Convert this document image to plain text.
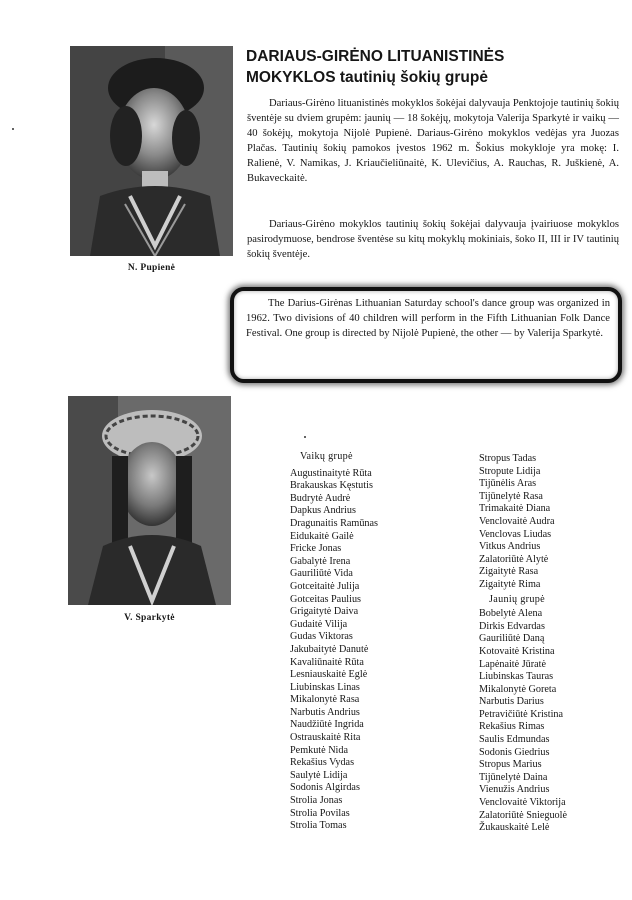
N. Pupienė
V. Sparkytė
DARIAUS-GIRĖNO LITUANISTINĖS
MOKYKLOS tautinių šokių grupė

Dariaus-Girėno lituanistinės mokyklos šokėjai dalyvauja Penktojoje tautinių šokių šventėje su dviem grupėm: jaunių — 18 šokėjų, mokytoja Valerija Sparkytė ir vaikų — 40 šokėjų, mokytoja Nijolė Pupienė. Dariaus-Girėno mokyklos vedėjas yra Juozas Plačas. Tautinių šokių pamokos įvestos 1962 m. Šokius mokykloje yra mokę: I. Ralienė, V. Namikas, J. Kriaučieliūnaitė, K. Ulevičius, A. Rauchas, R. Juškienė, A. Bukaveckaitė.

Dariaus-Girėno mokyklos tautinių šokių šokėjai dalyvauja įvairiuose mokyklos pasirodymuose, bendrose šventėse su kitų mokyklų mokiniais, šoko II, III ir IV tautinių šokių šventėje.

The Darius-Girėnas Lithuanian Saturday school's dance group was organized in 1962. Two divisions of 40 children will perform in the Fifth Lithuanian Folk Dance Festival. One group is directed by Nijolė Pupienė, the other — by Valerija Sparkytė.

Vaikų grupė
Augustinaitytė Rūta
Brakauskas Kęstutis
Budrytė Audrė
Dapkus Andrius
Dragunaitis Ramūnas
Eidukaitė Gailė
Fricke Jonas
Gabalytė Irena
Gauriliūtė Vida
Gotceitaitė Julija
Gotceitas Paulius
Grigaitytė Daiva
Gudaitė Vilija
Gudas Viktoras
Jakubaitytė Danutė
Kavaliūnaitė Rūta
Lesniauskaitė Eglė
Liubinskas Linas
Mikalonytė Rasa
Narbutis Andrius
Naudžiūtė Ingrida
Ostrauskaitė Rita
Pemkutė Nida
Rekašius Vydas
Saulytė Lidija
Sodonis Algirdas
Strolia Jonas
Strolia Povilas
Strolia Tomas
Stropus Tadas
Stropute Lidija
Tijūnėlis Aras
Tijūnelytė Rasa
Trimakaitė Diana
Venclovaitė Audra
Venclovas Liudas
Vitkus Andrius
Zalatoriūtė Alytė
Zigaitytė Rasa
Zigaitytė Rima
Jaunių grupė
Bobelytė Alena
Dirkis Edvardas
Gauriliūtė Daną
Kotovaitė Kristina
Lapėnaitė Jūratė
Liubinskas Tauras
Mikalonytė Goreta
Narbutis Darius
Petravičiūtė Kristina
Rekašius Rimas
Saulis Edmundas
Sodonis Giedrius
Stropus Marius
Tijūnelytė Daina
Vienužis Andrius
Venclovaitė Viktorija
Zalatoriūtė Snieguolė
Žukauskaitė Lelė
